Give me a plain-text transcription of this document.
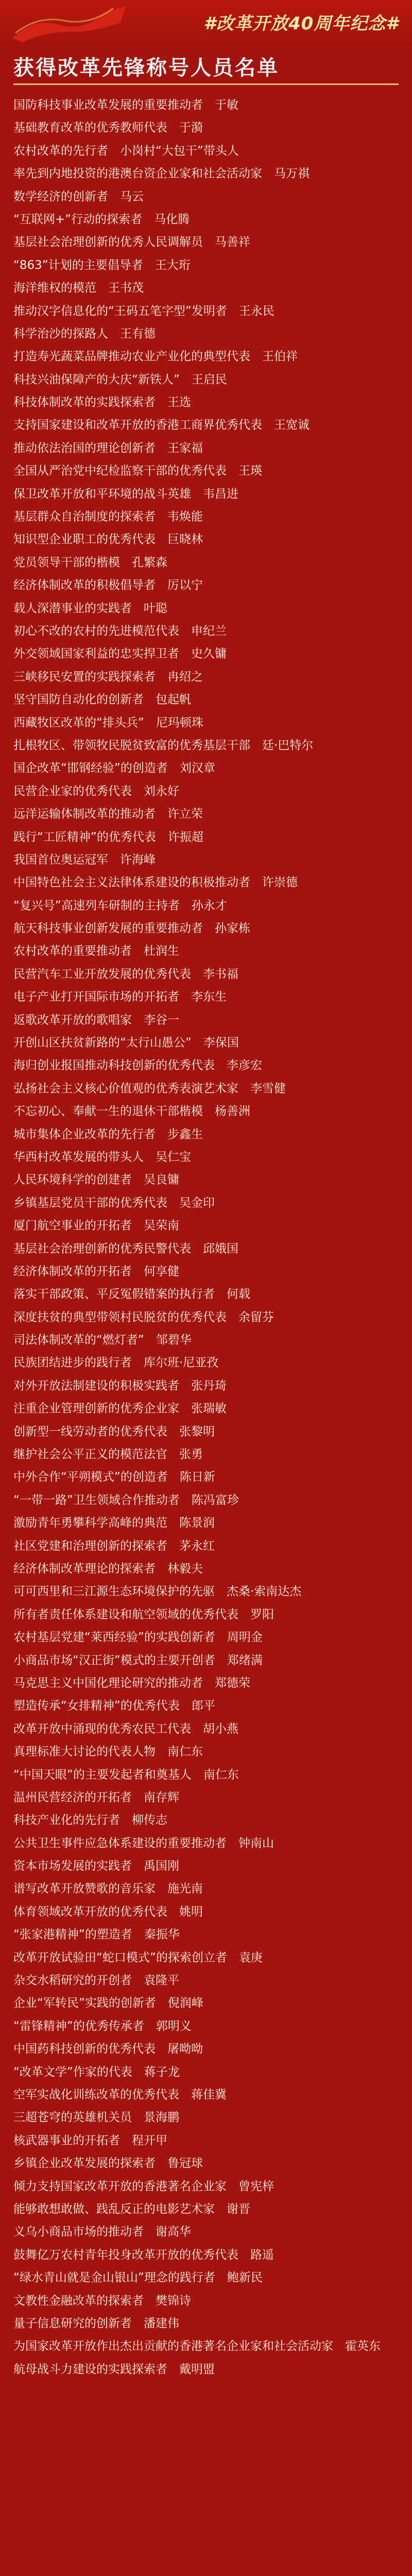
#改革开放40周年纪念#
获得改革先锋称号人员名单
国防科技事业改革发展的重要推动者　于敏
基础教育改革的优秀教师代表　于漪
农村改革的先行者　小岗村“大包干”带头人
率先到内地投资的港澳台资企业家和社会活动家　马万祺
数学经济的创新者　马云
“互联网+”行动的探索者　马化腾
基层社会治理创新的优秀人民调解员　马善祥
“863”计划的主要倡导者　王大珩
海洋维权的模范　王书茂
推动汉字信息化的“王码五笔字型”发明者　王永民
科学治沙的探路人　王有德
打造寿光蔬菜品牌推动农业产业化的典型代表　王伯祥
科技兴油保障产的大庆“新铁人”　王启民
科技体制改革的实践探索者　王选
支持国家建设和改革开放的香港工商界优秀代表　王宽诚
推动依法治国的理论创新者　王家福
全国从严治党中纪检监察干部的优秀代表　王瑛
保卫改革开放和平环境的战斗英雄　韦昌进
基层群众自治制度的探索者　韦焕能
知识型企业职工的优秀代表　巨晓林
党员领导干部的楷模　孔繁森
经济体制改革的积极倡导者　厉以宁
载人深潜事业的实践者　叶聪
初心不改的农村的先进模范代表　申纪兰
外交领域国家利益的忠实捍卫者　史久镛
三峡移民安置的实践探索者　冉绍之
坚守国防自动化的创新者　包起帆
西藏牧区改革的“排头兵”　尼玛顿珠
扎根牧区、带领牧民脱贫致富的优秀基层干部　廷·巴特尔
国企改革“邯钢经验”的创造者　刘汉章
民营企业家的优秀代表　刘永好
远洋运输体制改革的推动者　许立荣
践行“工匠精神”的优秀代表　许振超
我国首位奥运冠军　许海峰
中国特色社会主义法律体系建设的积极推动者　许崇德
“复兴号”高速列车研制的主持者　孙永才
航天科技事业创新发展的重要推动者　孙家栋
农村改革的重要推动者　杜润生
民营汽车工业开放发展的优秀代表　李书福
电子产业打开国际市场的开拓者　李东生
返歌改革开放的歌唱家　李谷一
开创山区扶贫新路的“太行山愚公”　李保国
海归创业报国推动科技创新的优秀代表　李彦宏
弘扬社会主义核心价值观的优秀表演艺术家　李雪健
不忘初心、奉献一生的退休干部楷模　杨善洲
城市集体企业改革的先行者　步鑫生
华西村改革发展的带头人　吴仁宝
人民环境科学的创建者　吴良镛
乡镇基层党员干部的优秀代表　吴金印
厦门航空事业的开拓者　吴荣南
基层社会治理创新的优秀民警代表　邱娥国
经济体制改革的开拓者　何享健
落实干部政策、平反冤假错案的执行者　何载
深度扶贫的典型带领村民脱贫的优秀代表　余留芬
司法体制改革的“燃灯者”　邹碧华
民族团结进步的践行者　库尔班·尼亚孜
对外开放法制建设的积极实践者　张丹琦
注重企业管理创新的优秀企业家　张瑞敏
创新型一线劳动者的优秀代表　张黎明
继护社会公平正义的模范法官　张勇
中外合作“平朔模式”的创造者　陈日新
“一带一路”卫生领域合作推动者　陈冯富珍
激励青年勇攀科学高峰的典范　陈景润
社区党建和治理创新的探索者　茅永红
经济体制改革理论的探索者　林毅夫
可可西里和三江源生态环境保护的先驱　杰桑·索南达杰
所有者责任体系建设和航空领域的优秀代表　罗阳
农村基层党建“莱西经验”的实践创新者　周明金
小商品市场“汉正街”模式的主要开创者　郑绪满
马克思主义中国化理论研究的推动者　郑德荣
塑造传承“女排精神”的优秀代表　郎平
改革开放中涌现的优秀农民工代表　胡小燕
真理标准大讨论的代表人物　南仁东
“中国天眼”的主要发起者和奠基人　南仁东
温州民营经济的开拓者　南存辉
科技产业化的先行者　柳传志
公共卫生事件应急体系建设的重要推动者　钟南山
资本市场发展的实践者　禹国刚
谱写改革开放赞歌的音乐家　施光南
体育领域改革开放的优秀代表　姚明
“张家港精神”的塑造者　秦振华
改革开放试验田“蛇口模式”的探索创立者　袁庚
杂交水稻研究的开创者　袁隆平
企业“军转民”实践的创新者　倪润峰
“雷锋精神”的优秀传承者　郭明义
中国药科技创新的优秀代表　屠呦呦
“改革文学”作家的代表　蒋子龙
空军实战化训练改革的优秀代表　蒋佳冀
三超苍穹的英雄机关员　景海鹏
核武器事业的开拓者　程开甲
乡镇企业改革发展的探索者　鲁冠球
倾力支持国家改革开放的香港著名企业家　曾宪梓
能够敢想敢做、践乱反正的电影艺术家　谢晋
义乌小商品市场的推动者　谢高华
鼓舞亿万农村青年投身改革开放的优秀代表　路遥
“绿水青山就是金山银山”理念的践行者　鲍新民
文教性金融改革的探索者　樊锦诗
量子信息研究的创新者　潘建伟
为国家改革开放作出杰出贡献的香港著名企业家和社会活动家　霍英东
航母战斗力建设的实践探索者　戴明盟
